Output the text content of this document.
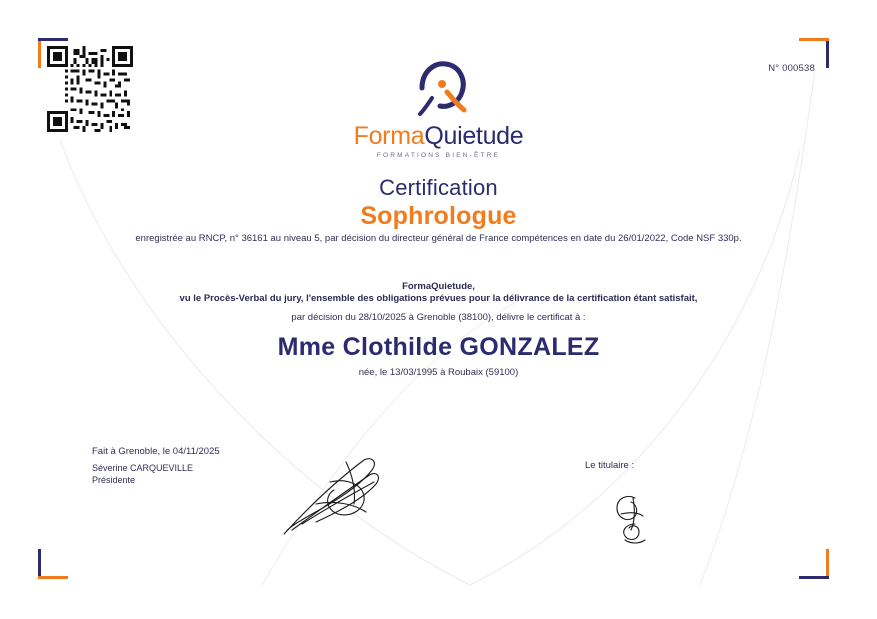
N° 000538
FormaQuietude
FORMATIONS BIEN-ÊTRE
Certification
Sophrologue
enregistrée au RNCP, n° 36161 au niveau 5, par décision du directeur général de France compétences en date du 26/01/2022, Code NSF 330p.
FormaQuietude,
vu le Procès-Verbal du jury, l'ensemble des obligations prévues pour la délivrance de la certification étant satisfait,
par décision du 28/10/2025 à Grenoble (38100), délivre le certificat à :
Mme Clothilde GONZALEZ
née, le 13/03/1995 à Roubaix (59100)
Fait à Grenoble, le 04/11/2025
Séverine CARQUEVILLE
Présidente
Le titulaire :
